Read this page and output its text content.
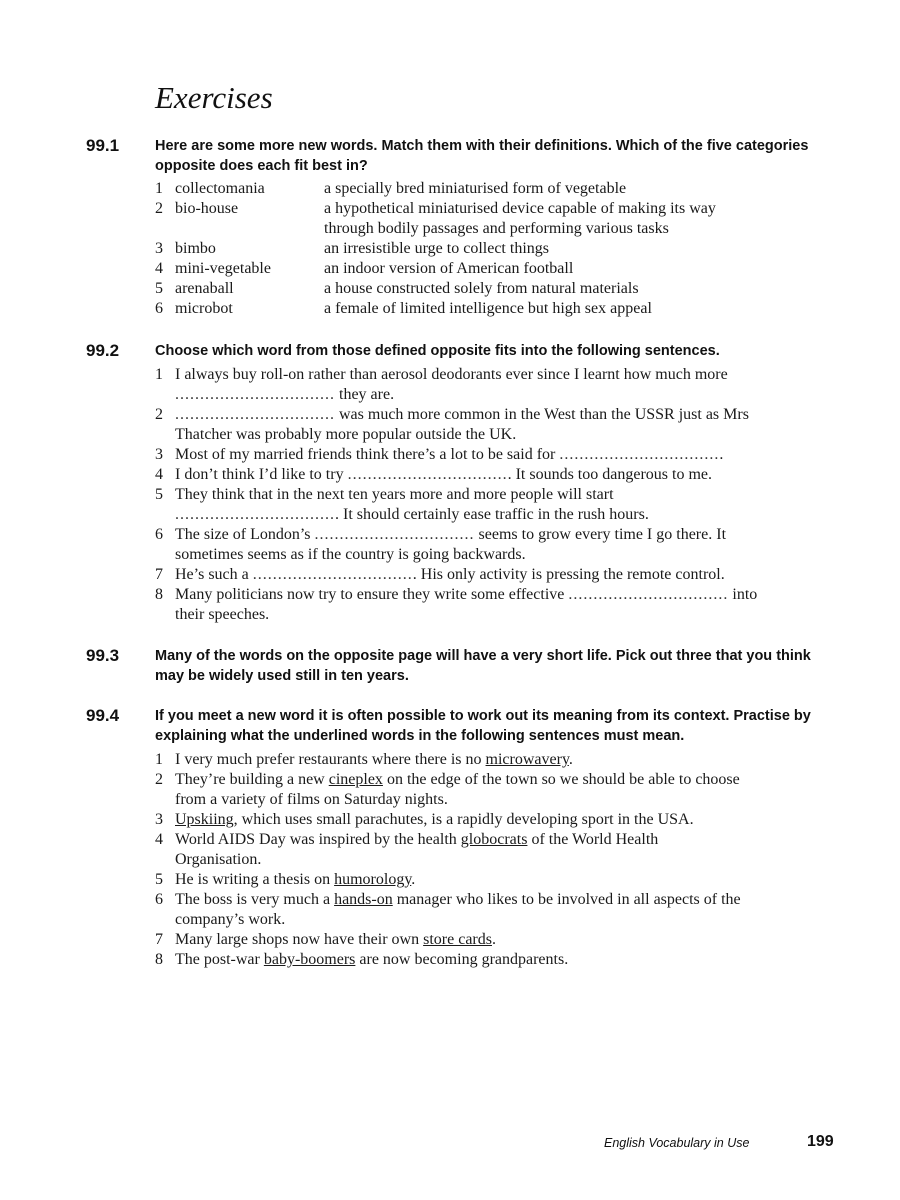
Exercises
99.1 Here are some more new words. Match them with their definitions. Which of the five categories opposite does each fit best in?
1 collectomania	a specially bred miniaturised form of vegetable
2 bio-house	a hypothetical miniaturised device capable of making its way
through bodily passages and performing various tasks
3 bimbo	an irresistible urge to collect things
4 mini-vegetable	an indoor version of American football
5 arenaball	a house constructed solely from natural materials
6 microbot	a female of limited intelligence but high sex appeal
99.2 Choose which word from those defined opposite fits into the following sentences.
1 I always buy roll-on rather than aerosol deodorants ever since I learnt how much more
................................ they are.
2 ................................ was much more common in the West than the USSR just as Mrs
Thatcher was probably more popular outside the UK.
3 Most of my married friends think there’s a lot to be said for .................................
4 I don’t think I’d like to try ................................. It sounds too dangerous to me.
5 They think that in the next ten years more and more people will start
................................. It should certainly ease traffic in the rush hours.
6 The size of London’s ................................ seems to grow every time I go there. It
sometimes seems as if the country is going backwards.
7 He’s such a ................................. His only activity is pressing the remote control.
8 Many politicians now try to ensure they write some effective ................................ into
their speeches.
99.3 Many of the words on the opposite page will have a very short life. Pick out three that you think may be widely used still in ten years.
99.4 If you meet a new word it is often possible to work out its meaning from its context. Practise by explaining what the underlined words in the following sentences must mean.
1 I very much prefer restaurants where there is no microwavery.
2 They’re building a new cineplex on the edge of the town so we should be able to choose
from a variety of films on Saturday nights.
3 Upskiing, which uses small parachutes, is a rapidly developing sport in the USA.
4 World AIDS Day was inspired by the health globocrats of the World Health
Organisation.
5 He is writing a thesis on humorology.
6 The boss is very much a hands-on manager who likes to be involved in all aspects of the
company’s work.
7 Many large shops now have their own store cards.
8 The post-war baby-boomers are now becoming grandparents.
English Vocabulary in Use	199
